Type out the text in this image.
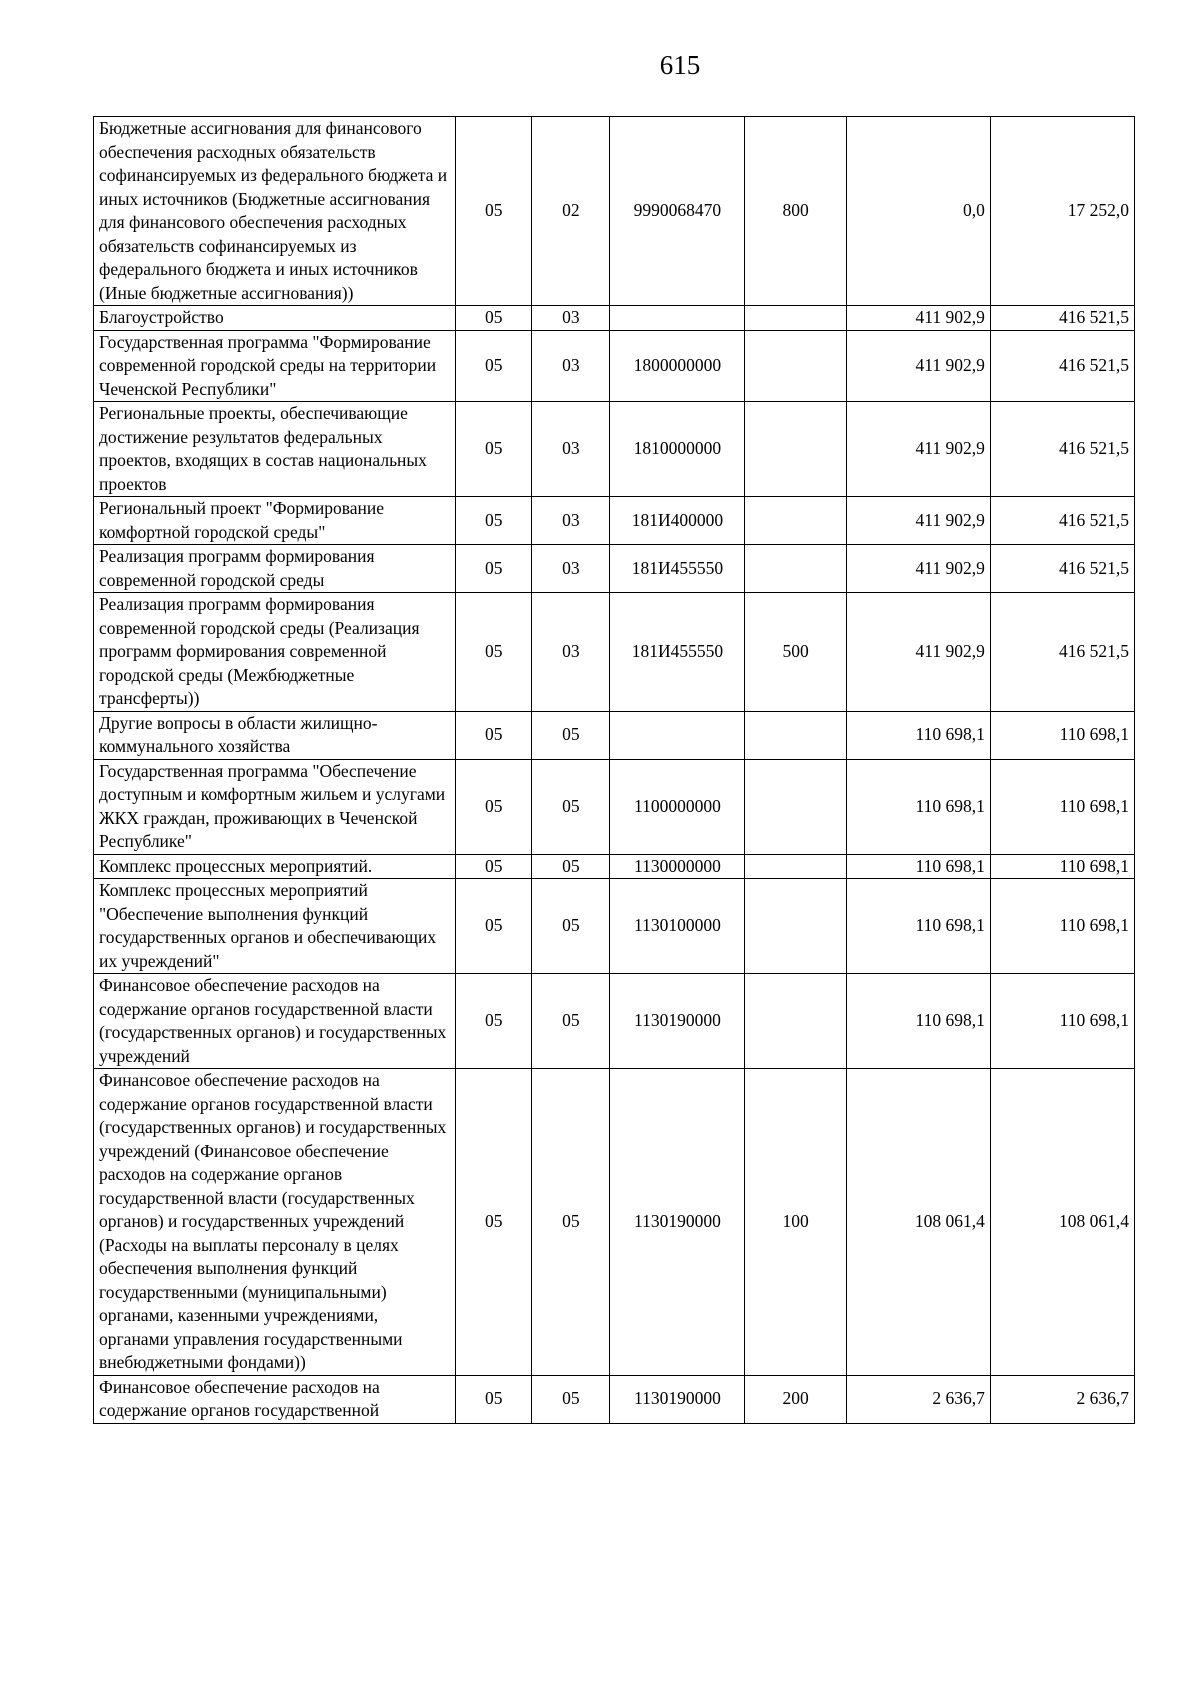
615
Бюджетные ассигнования для финансового обеспечения расходных обязательств софинансируемых из федерального бюджета и иных источников (Бюджетные ассигнования для финансового обеспечения расходных обязательств софинансируемых из федерального бюджета и иных источников (Иные бюджетные ассигнования))	05	02	9990068470	800	0,0	17 252,0
Благоустройство	05	03			411 902,9	416 521,5
Государственная программа "Формирование современной городской среды на территории Чеченской Республики"	05	03	1800000000		411 902,9	416 521,5
Региональные проекты, обеспечивающие достижение результатов федеральных проектов, входящих в состав национальных проектов	05	03	1810000000		411 902,9	416 521,5
Региональный проект "Формирование комфортной городской среды"	05	03	181И400000		411 902,9	416 521,5
Реализация программ формирования современной городской среды	05	03	181И455550		411 902,9	416 521,5
Реализация программ формирования современной городской среды (Реализация программ формирования современной городской среды (Межбюджетные трансферты))	05	03	181И455550	500	411 902,9	416 521,5
Другие вопросы в области жилищно-коммунального хозяйства	05	05			110 698,1	110 698,1
Государственная программа "Обеспечение доступным и комфортным жильем и услугами ЖКХ граждан, проживающих в Чеченской Республике"	05	05	1100000000		110 698,1	110 698,1
Комплекс процессных мероприятий.	05	05	1130000000		110 698,1	110 698,1
Комплекс процессных мероприятий "Обеспечение выполнения функций государственных органов и обеспечивающих их учреждений"	05	05	1130100000		110 698,1	110 698,1
Финансовое обеспечение расходов на содержание органов государственной власти (государственных органов) и государственных учреждений	05	05	1130190000		110 698,1	110 698,1
Финансовое обеспечение расходов на содержание органов государственной власти (государственных органов) и государственных учреждений (Финансовое обеспечение расходов на содержание органов государственной власти (государственных органов) и государственных учреждений (Расходы на выплаты персоналу в целях обеспечения выполнения функций государственными (муниципальными) органами, казенными учреждениями, органами управления государственными внебюджетными фондами))	05	05	1130190000	100	108 061,4	108 061,4
Финансовое обеспечение расходов на содержание органов государственной	05	05	1130190000	200	2 636,7	2 636,7
